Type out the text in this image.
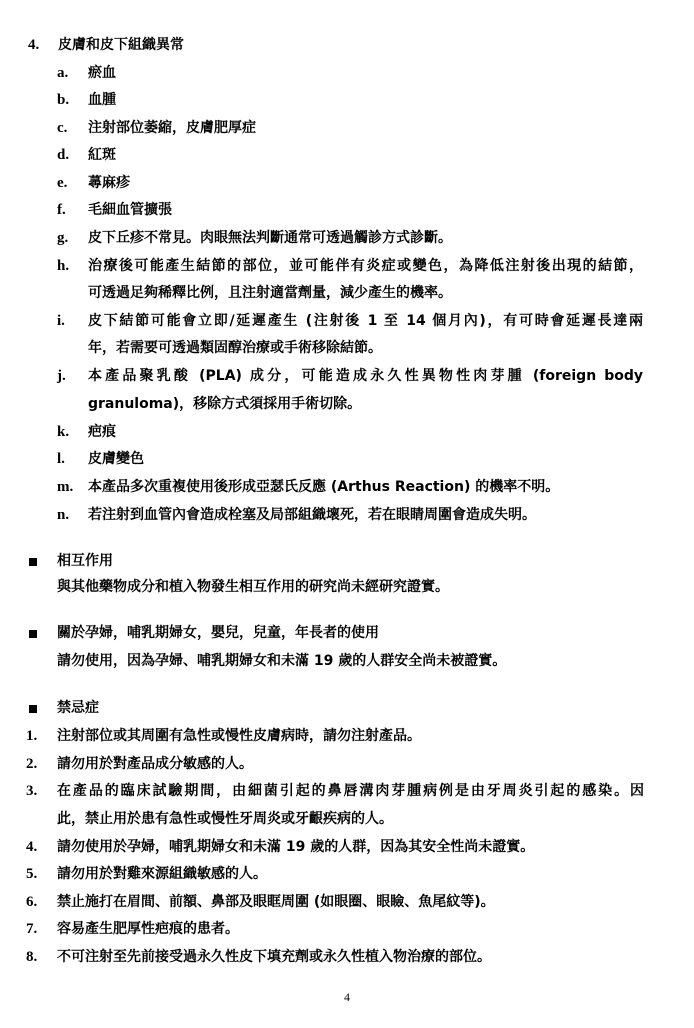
4.	皮膚和皮下組織異常
a.	瘀血
b.	血腫
c.	注射部位萎縮，皮膚肥厚症
d.	紅斑
e.	蕁麻疹
f.	毛細血管擴張
g.	皮下丘疹不常見。肉眼無法判斷通常可透過觸診方式診斷。
h.	治療後可能產生結節的部位，並可能伴有炎症或變色，為降低注射後出現的結節，
可透過足夠稀釋比例，且注射適當劑量，減少產生的機率。
i.	皮下結節可能會立即/延遲產生 (注射後 1 至 14 個月內)，有可時會延遲長達兩
年，若需要可透過類固醇治療或手術移除結節。
j.	本產品聚乳酸 (PLA) 成分，可能造成永久性異物性肉芽腫 (foreign body
granuloma)，移除方式須採用手術切除。
k.	疤痕
l.	皮膚變色
m.	本產品多次重複使用後形成亞瑟氏反應 (Arthus Reaction) 的機率不明。
n.	若注射到血管內會造成栓塞及局部組織壞死，若在眼睛周圍會造成失明。
相互作用
與其他藥物成分和植入物發生相互作用的研究尚未經研究證實。
關於孕婦，哺乳期婦女，嬰兒，兒童，年長者的使用
請勿使用，因為孕婦、哺乳期婦女和未滿 19 歲的人群安全尚未被證實。
禁忌症
1.	注射部位或其周圍有急性或慢性皮膚病時，請勿注射產品。
2.	請勿用於對產品成分敏感的人。
3.	在產品的臨床試驗期間，由細菌引起的鼻唇溝肉芽腫病例是由牙周炎引起的感染。因
此，禁止用於患有急性或慢性牙周炎或牙齦疾病的人。
4.	請勿使用於孕婦，哺乳期婦女和未滿 19 歲的人群，因為其安全性尚未證實。
5.	請勿用於對雞來源組織敏感的人。
6.	禁止施打在眉間、前額、鼻部及眼眶周圍 (如眼圈、眼瞼、魚尾紋等)。
7.	容易產生肥厚性疤痕的患者。
8.	不可注射至先前接受過永久性皮下填充劑或永久性植入物治療的部位。
4
